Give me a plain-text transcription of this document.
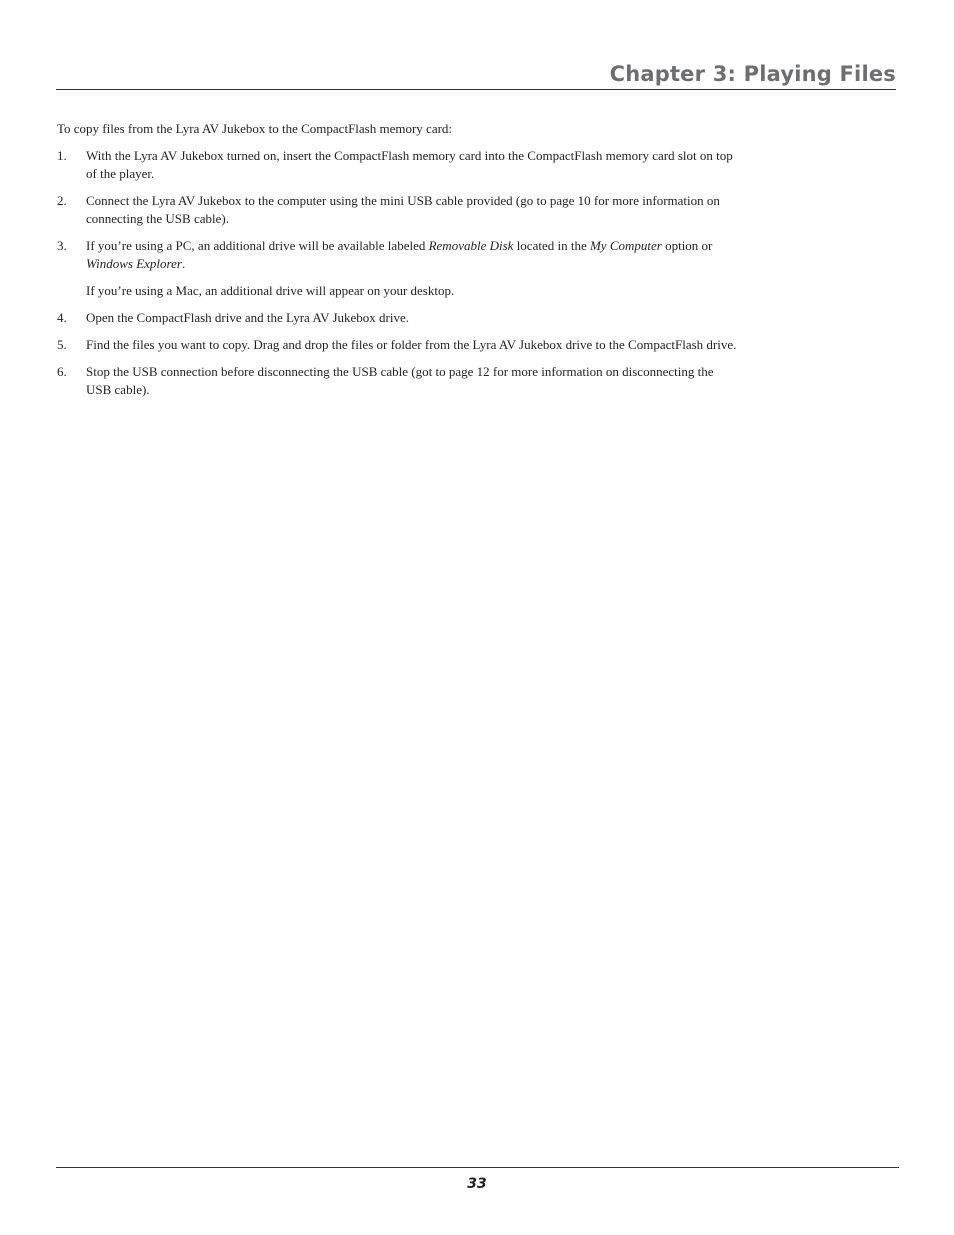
Chapter 3: Playing Files

To copy files from the Lyra AV Jukebox to the CompactFlash memory card:

1. With the Lyra AV Jukebox turned on, insert the CompactFlash memory card into the CompactFlash memory card slot on top of the player.
2. Connect the Lyra AV Jukebox to the computer using the mini USB cable provided (go to page 10 for more information on connecting the USB cable).
3. If you’re using a PC, an additional drive will be available labeled Removable Disk located in the My Computer option or Windows Explorer.
If you’re using a Mac, an additional drive will appear on your desktop.
4. Open the CompactFlash drive and the Lyra AV Jukebox drive.
5. Find the files you want to copy. Drag and drop the files or folder from the Lyra AV Jukebox drive to the CompactFlash drive.
6. Stop the USB connection before disconnecting the USB cable (got to page 12 for more information on disconnecting the USB cable).
33
